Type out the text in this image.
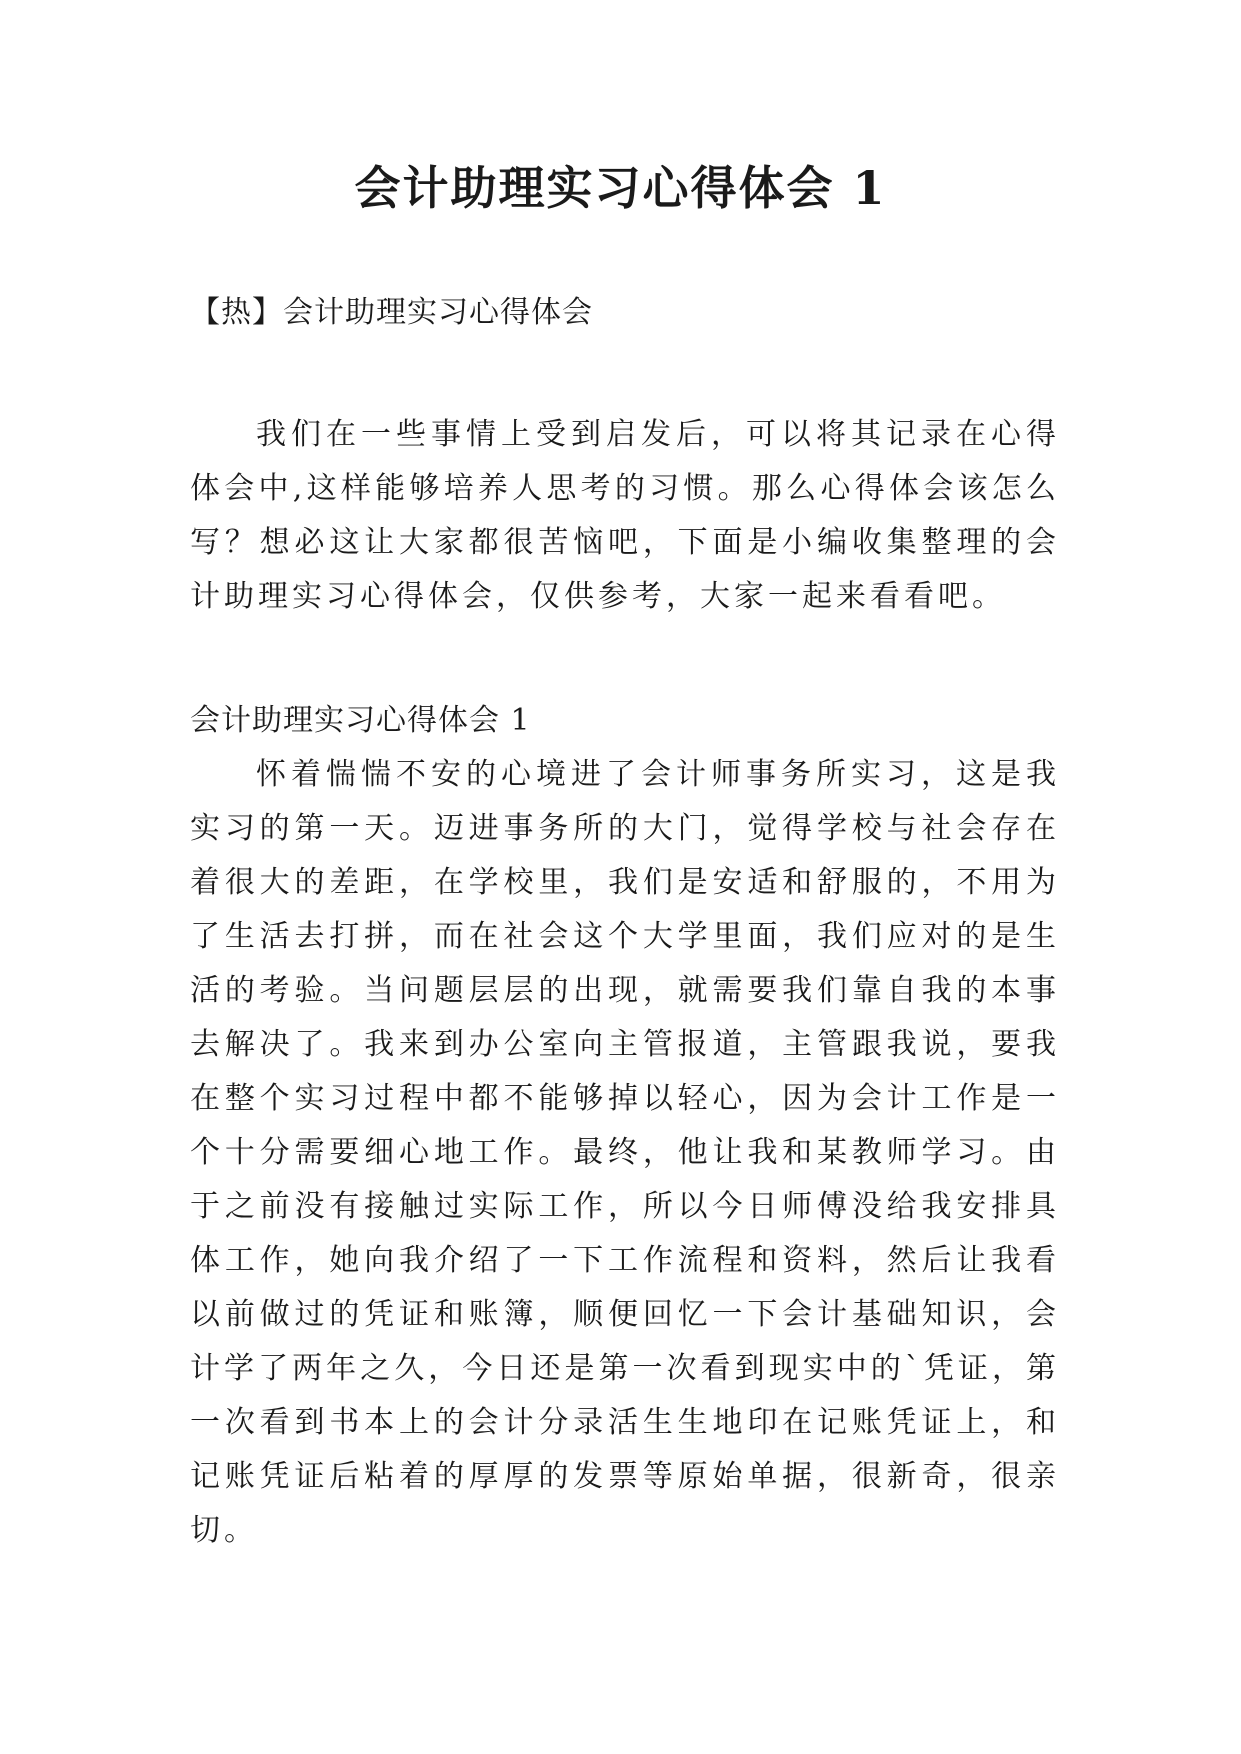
会计助理实习心得体会 1
【热】会计助理实习心得体会
我们在一些事情上受到启发后，可以将其记录在心得体会中,这样能够培养人思考的习惯。那么心得体会该怎么写？想必这让大家都很苦恼吧，下面是小编收集整理的会计助理实习心得体会，仅供参考，大家一起来看看吧。
会计助理实习心得体会 1
怀着惴惴不安的心境进了会计师事务所实习，这是我实习的第一天。迈进事务所的大门，觉得学校与社会存在着很大的差距，在学校里，我们是安适和舒服的，不用为了生活去打拼，而在社会这个大学里面，我们应对的是生活的考验。当问题层层的出现，就需要我们靠自我的本事去解决了。我来到办公室向主管报道，主管跟我说，要我在整个实习过程中都不能够掉以轻心，因为会计工作是一个十分需要细心地工作。最终，他让我和某教师学习。由于之前没有接触过实际工作，所以今日师傅没给我安排具体工作，她向我介绍了一下工作流程和资料，然后让我看以前做过的凭证和账簿，顺便回忆一下会计基础知识，会计学了两年之久，今日还是第一次看到现实中的`凭证，第一次看到书本上的会计分录活生生地印在记账凭证上，和记账凭证后粘着的厚厚的发票等原始单据，很新奇，很亲切。
